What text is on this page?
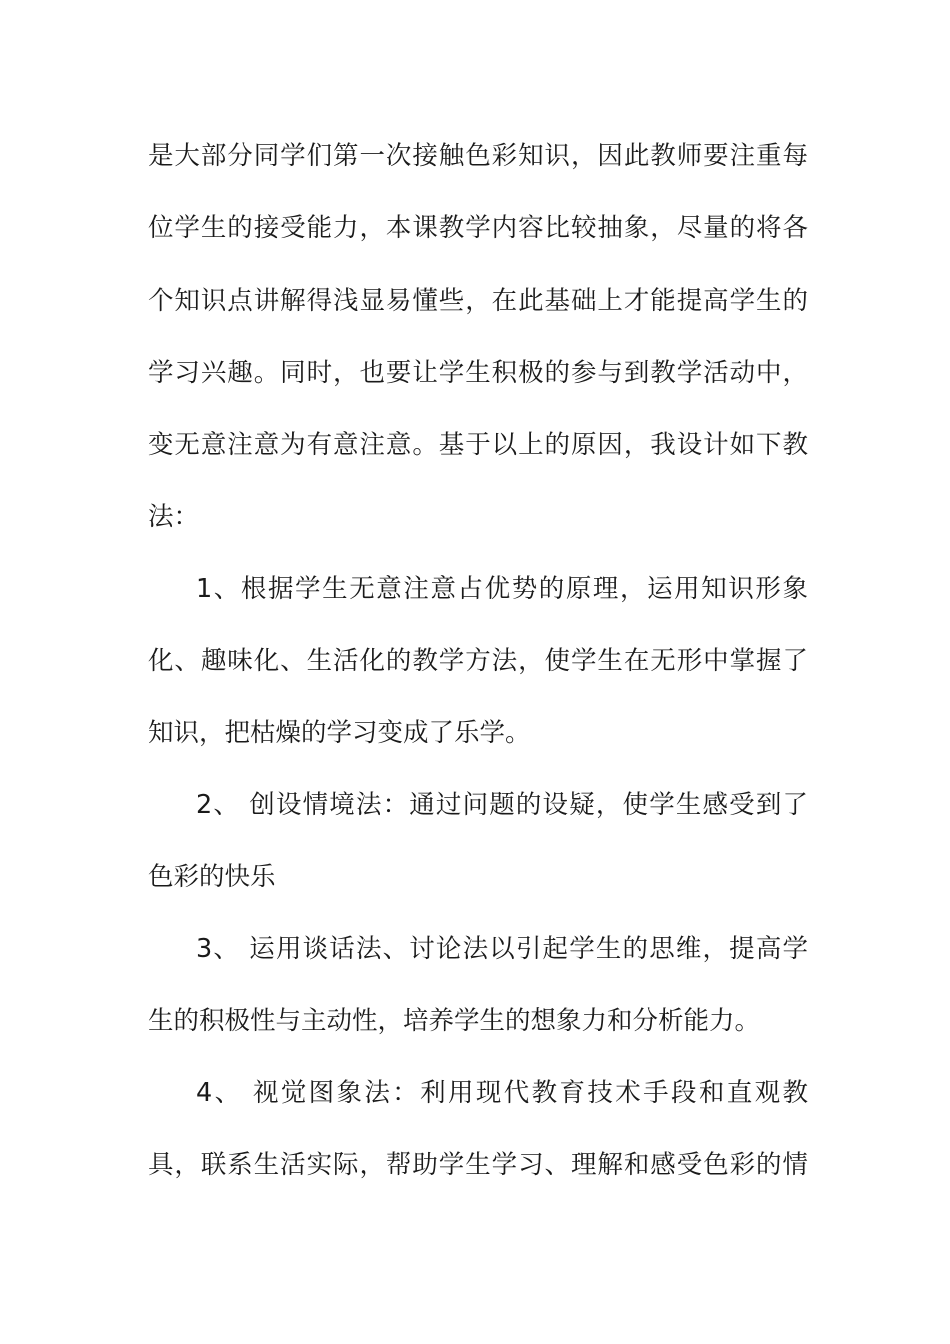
是大部分同学们第一次接触色彩知识，因此教师要注重每
位学生的接受能力，本课教学内容比较抽象，尽量的将各
个知识点讲解得浅显易懂些，在此基础上才能提高学生的
学习兴趣。同时，也要让学生积极的参与到教学活动中，
变无意注意为有意注意。基于以上的原因，我设计如下教
法：
1、根据学生无意注意占优势的原理，运用知识形象
化、趣味化、生活化的教学方法，使学生在无形中掌握了
知识，把枯燥的学习变成了乐学。
2、 创设情境法：通过问题的设疑，使学生感受到了
色彩的快乐
3、 运用谈话法、讨论法以引起学生的思维，提高学
生的积极性与主动性，培养学生的想象力和分析能力。
4、 视觉图象法：利用现代教育技术手段和直观教
具，联系生活实际，帮助学生学习、理解和感受色彩的情
